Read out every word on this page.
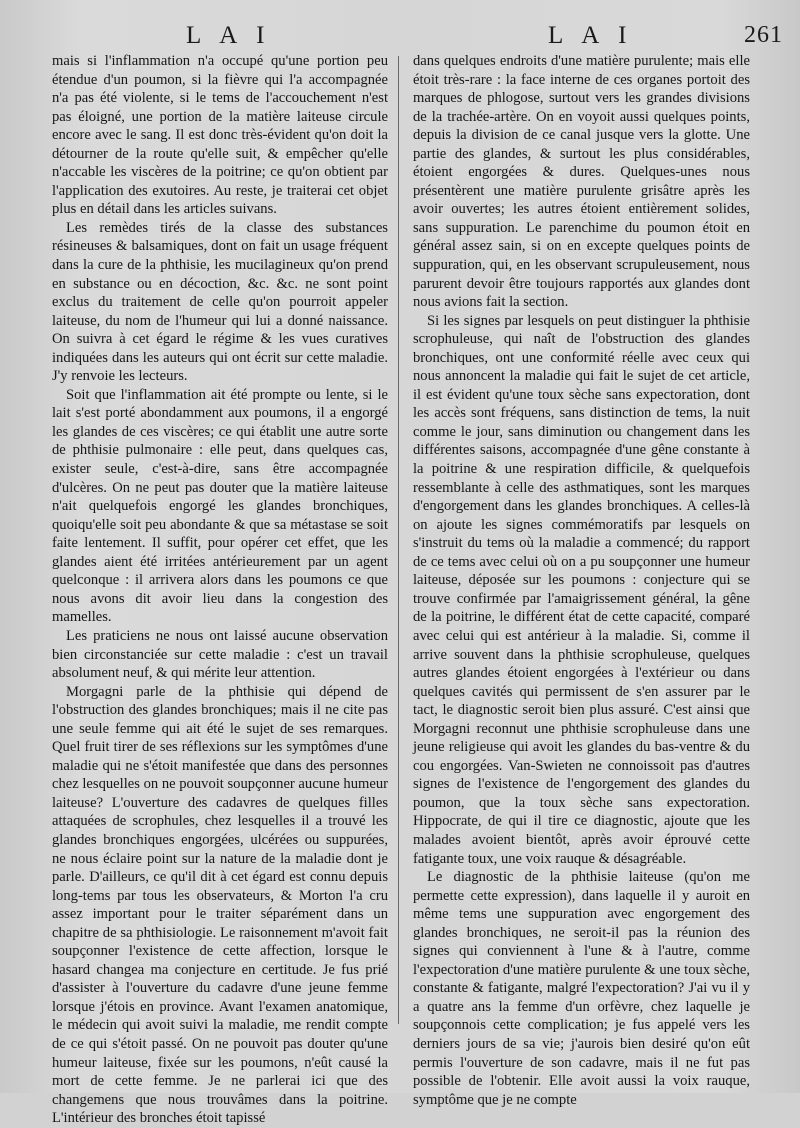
L A I	L A I	261

mais si l'inflammation n'a occupé qu'une portion peu étendue d'un poumon, si la fièvre qui l'a accompagnée n'a pas été violente, si le tems de l'accouchement n'est pas éloigné, une portion de la matière laiteuse circule encore avec le sang. Il est donc très-évident qu'on doit la détourner de la route qu'elle suit, & empêcher qu'elle n'accable les viscères de la poitrine; ce qu'on obtient par l'application des exutoires. Au reste, je traiterai cet objet plus en détail dans les articles suivans.

Les remèdes tirés de la classe des substances résineuses & balsamiques, dont on fait un usage fréquent dans la cure de la phthisie, les mucilagineux qu'on prend en substance ou en décoction, &c. &c. ne sont point exclus du traitement de celle qu'on pourroit appeler laiteuse, du nom de l'humeur qui lui a donné naissance. On suivra à cet égard le régime & les vues curatives indiquées dans les auteurs qui ont écrit sur cette maladie. J'y renvoie les lecteurs.

Soit que l'inflammation ait été prompte ou lente, si le lait s'est porté abondamment aux poumons, il a engorgé les glandes de ces viscères; ce qui établit une autre sorte de phthisie pulmonaire : elle peut, dans quelques cas, exister seule, c'est-à-dire, sans être accompagnée d'ulcères. On ne peut pas douter que la matière laiteuse n'ait quelquefois engorgé les glandes bronchiques, quoiqu'elle soit peu abondante & que sa métastase se soit faite lentement. Il suffit, pour opérer cet effet, que les glandes aient été irritées antérieurement par un agent quelconque : il arrivera alors dans les poumons ce que nous avons dit avoir lieu dans la congestion des mamelles.

Les praticiens ne nous ont laissé aucune observation bien circonstanciée sur cette maladie : c'est un travail absolument neuf, & qui mérite leur attention.

Morgagni parle de la phthisie qui dépend de l'obstruction des glandes bronchiques; mais il ne cite pas une seule femme qui ait été le sujet de ses remarques. Quel fruit tirer de ses réflexions sur les symptômes d'une maladie qui ne s'étoit manifestée que dans des personnes chez lesquelles on ne pouvoit soupçonner aucune humeur laiteuse? L'ouverture des cadavres de quelques filles attaquées de scrophules, chez lesquelles il a trouvé les glandes bronchiques engorgées, ulcérées ou suppurées, ne nous éclaire point sur la nature de la maladie dont je parle. D'ailleurs, ce qu'il dit à cet égard est connu depuis long-tems par tous les observateurs, & Morton l'a cru assez important pour le traiter séparément dans un chapitre de sa phthisiologie. Le raisonnement m'avoit fait soupçonner l'existence de cette affection, lorsque le hasard changea ma conjecture en certitude. Je fus prié d'assister à l'ouverture du cadavre d'une jeune femme lorsque j'étois en province. Avant l'examen anatomique, le médecin qui avoit suivi la maladie, me rendit compte de ce qui s'étoit passé. On ne pouvoit pas douter qu'une humeur laiteuse, fixée sur les poumons, n'eût causé la mort de cette femme. Je ne parlerai ici que des changemens que nous trouvâmes dans la poitrine. L'intérieur des bronches étoit tapissé

dans quelques endroits d'une matière purulente; mais elle étoit très-rare : la face interne de ces organes portoit des marques de phlogose, surtout vers les grandes divisions de la trachée-artère. On en voyoit aussi quelques points, depuis la division de ce canal jusque vers la glotte. Une partie des glandes, & surtout les plus considérables, étoient engorgées & dures. Quelques-unes nous présentèrent une matière purulente grisâtre après les avoir ouvertes; les autres étoient entièrement solides, sans suppuration. Le parenchime du poumon étoit en général assez sain, si on en excepte quelques points de suppuration, qui, en les observant scrupuleusement, nous parurent devoir être toujours rapportés aux glandes dont nous avions fait la section.

Si les signes par lesquels on peut distinguer la phthisie scrophuleuse, qui naît de l'obstruction des glandes bronchiques, ont une conformité réelle avec ceux qui nous annoncent la maladie qui fait le sujet de cet article, il est évident qu'une toux sèche sans expectoration, dont les accès sont fréquens, sans distinction de tems, la nuit comme le jour, sans diminution ou changement dans les différentes saisons, accompagnée d'une gêne constante à la poitrine & une respiration difficile, & quelquefois ressemblante à celle des asthmatiques, sont les marques d'engorgement dans les glandes bronchiques. A celles-là on ajoute les signes commémoratifs par lesquels on s'instruit du tems où la maladie a commencé; du rapport de ce tems avec celui où on a pu soupçonner une humeur laiteuse, déposée sur les poumons : conjecture qui se trouve confirmée par l'amaigrissement général, la gêne de la poitrine, le différent état de cette capacité, comparé avec celui qui est antérieur à la maladie. Si, comme il arrive souvent dans la phthisie scrophuleuse, quelques autres glandes étoient engorgées à l'extérieur ou dans quelques cavités qui permissent de s'en assurer par le tact, le diagnostic seroit bien plus assuré. C'est ainsi que Morgagni reconnut une phthisie scrophuleuse dans une jeune religieuse qui avoit les glandes du bas-ventre & du cou engorgées. Van-Swieten ne connoissoit pas d'autres signes de l'existence de l'engorgement des glandes du poumon, que la toux sèche sans expectoration. Hippocrate, de qui il tire ce diagnostic, ajoute que les malades avoient bientôt, après avoir éprouvé cette fatigante toux, une voix rauque & désagréable.

Le diagnostic de la phthisie laiteuse (qu'on me permette cette expression), dans laquelle il y auroit en même tems une suppuration avec engorgement des glandes bronchiques, ne seroit-il pas la réunion des signes qui conviennent à l'une & à l'autre, comme l'expectoration d'une matière purulente & une toux sèche, constante & fatigante, malgré l'expectoration? J'ai vu il y a quatre ans la femme d'un orfèvre, chez laquelle je soupçonnois cette complication; je fus appelé vers les derniers jours de sa vie; j'aurois bien desiré qu'on eût permis l'ouverture de son cadavre, mais il ne fut pas possible de l'obtenir. Elle avoit aussi la voix rauque, symptôme que je ne compte
